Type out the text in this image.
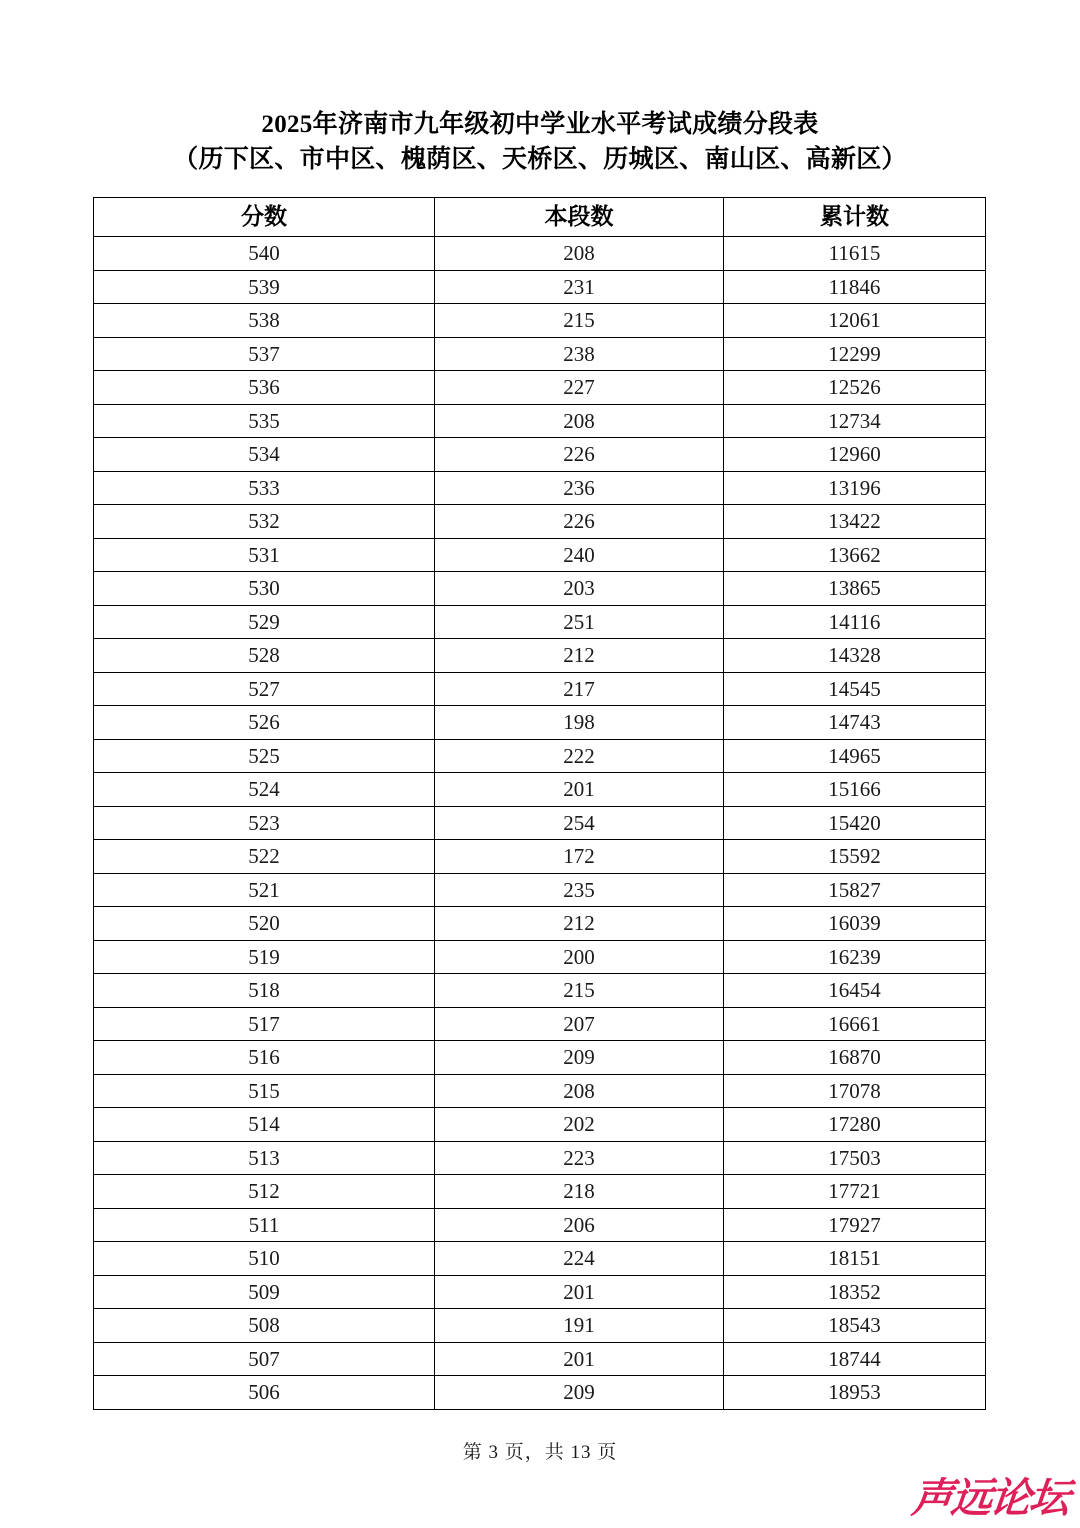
2025年济南市九年级初中学业水平考试成绩分段表
（历下区、市中区、槐荫区、天桥区、历城区、南山区、高新区）
分数	本段数	累计数
540	208	11615
539	231	11846
538	215	12061
537	238	12299
536	227	12526
535	208	12734
534	226	12960
533	236	13196
532	226	13422
531	240	13662
530	203	13865
529	251	14116
528	212	14328
527	217	14545
526	198	14743
525	222	14965
524	201	15166
523	254	15420
522	172	15592
521	235	15827
520	212	16039
519	200	16239
518	215	16454
517	207	16661
516	209	16870
515	208	17078
514	202	17280
513	223	17503
512	218	17721
511	206	17927
510	224	18151
509	201	18352
508	191	18543
507	201	18744
506	209	18953
第 3 页，共 13 页
声远论坛
